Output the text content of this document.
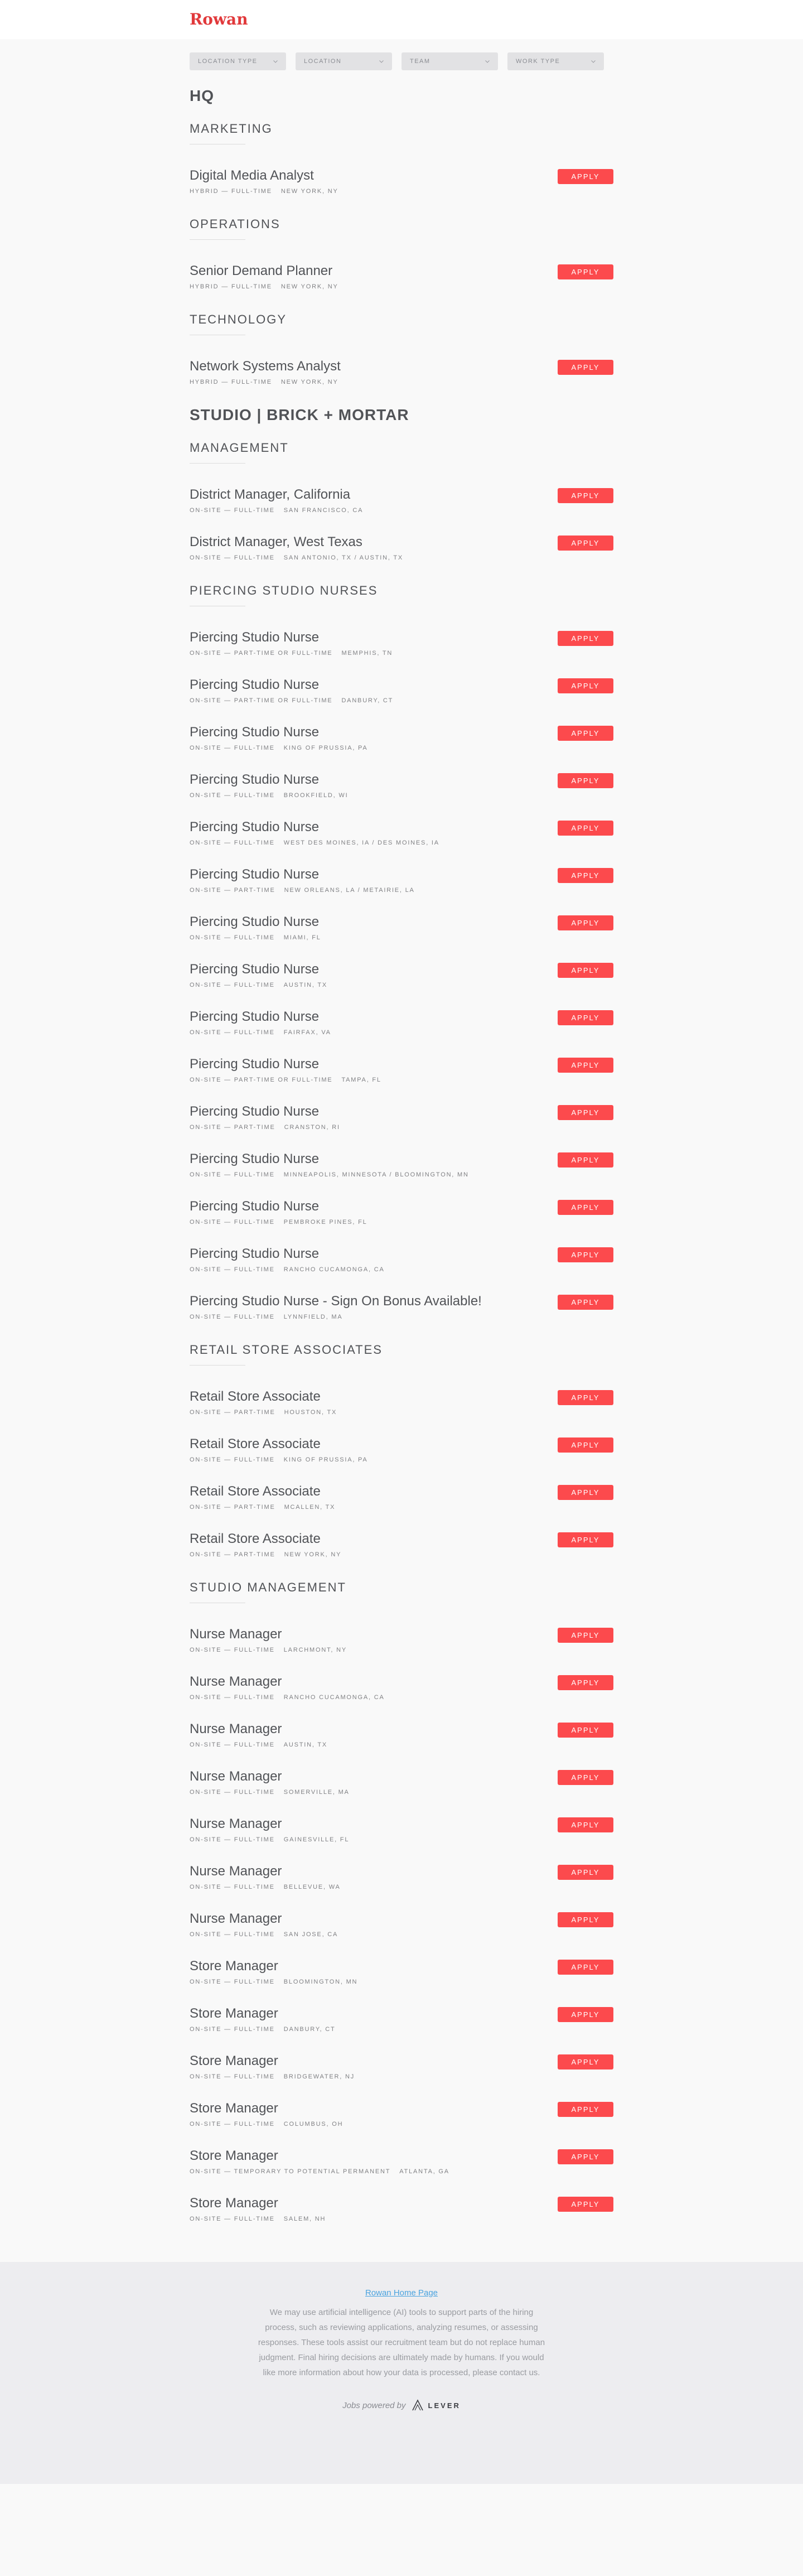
Rowan
LOCATION TYPE	LOCATION	TEAM	WORK TYPE
HQ
MARKETING
Digital Media Analyst
HYBRID — FULL-TIME NEW YORK, NY
APPLY
OPERATIONS
Senior Demand Planner
HYBRID — FULL-TIME NEW YORK, NY
APPLY
TECHNOLOGY
Network Systems Analyst
HYBRID — FULL-TIME NEW YORK, NY
APPLY
STUDIO | BRICK + MORTAR
MANAGEMENT
District Manager, California
ON-SITE — FULL-TIME SAN FRANCISCO, CA
APPLY
District Manager, West Texas
ON-SITE — FULL-TIME SAN ANTONIO, TX / AUSTIN, TX
APPLY
PIERCING STUDIO NURSES
Piercing Studio Nurse
ON-SITE — PART-TIME OR FULL-TIME MEMPHIS, TN
APPLY
Piercing Studio Nurse
ON-SITE — PART-TIME OR FULL-TIME DANBURY, CT
APPLY
Piercing Studio Nurse
ON-SITE — FULL-TIME KING OF PRUSSIA, PA
APPLY
Piercing Studio Nurse
ON-SITE — FULL-TIME BROOKFIELD, WI
APPLY
Piercing Studio Nurse
ON-SITE — FULL-TIME WEST DES MOINES, IA / DES MOINES, IA
APPLY
Piercing Studio Nurse
ON-SITE — PART-TIME NEW ORLEANS, LA / METAIRIE, LA
APPLY
Piercing Studio Nurse
ON-SITE — FULL-TIME MIAMI, FL
APPLY
Piercing Studio Nurse
ON-SITE — FULL-TIME AUSTIN, TX
APPLY
Piercing Studio Nurse
ON-SITE — FULL-TIME FAIRFAX, VA
APPLY
Piercing Studio Nurse
ON-SITE — PART-TIME OR FULL-TIME TAMPA, FL
APPLY
Piercing Studio Nurse
ON-SITE — PART-TIME CRANSTON, RI
APPLY
Piercing Studio Nurse
ON-SITE — FULL-TIME MINNEAPOLIS, MINNESOTA / BLOOMINGTON, MN
APPLY
Piercing Studio Nurse
ON-SITE — FULL-TIME PEMBROKE PINES, FL
APPLY
Piercing Studio Nurse
ON-SITE — FULL-TIME RANCHO CUCAMONGA, CA
APPLY
Piercing Studio Nurse - Sign On Bonus Available!
ON-SITE — FULL-TIME LYNNFIELD, MA
APPLY
RETAIL STORE ASSOCIATES
Retail Store Associate
ON-SITE — PART-TIME HOUSTON, TX
APPLY
Retail Store Associate
ON-SITE — FULL-TIME KING OF PRUSSIA, PA
APPLY
Retail Store Associate
ON-SITE — PART-TIME MCALLEN, TX
APPLY
Retail Store Associate
ON-SITE — PART-TIME NEW YORK, NY
APPLY
STUDIO MANAGEMENT
Nurse Manager
ON-SITE — FULL-TIME LARCHMONT, NY
APPLY
Nurse Manager
ON-SITE — FULL-TIME RANCHO CUCAMONGA, CA
APPLY
Nurse Manager
ON-SITE — FULL-TIME AUSTIN, TX
APPLY
Nurse Manager
ON-SITE — FULL-TIME SOMERVILLE, MA
APPLY
Nurse Manager
ON-SITE — FULL-TIME GAINESVILLE, FL
APPLY
Nurse Manager
ON-SITE — FULL-TIME BELLEVUE, WA
APPLY
Nurse Manager
ON-SITE — FULL-TIME SAN JOSE, CA
APPLY
Store Manager
ON-SITE — FULL-TIME BLOOMINGTON, MN
APPLY
Store Manager
ON-SITE — FULL-TIME DANBURY, CT
APPLY
Store Manager
ON-SITE — FULL-TIME BRIDGEWATER, NJ
APPLY
Store Manager
ON-SITE — FULL-TIME COLUMBUS, OH
APPLY
Store Manager
ON-SITE — TEMPORARY TO POTENTIAL PERMANENT ATLANTA, GA
APPLY
Store Manager
ON-SITE — FULL-TIME SALEM, NH
APPLY
Rowan Home Page

We may use artificial intelligence (AI) tools to support parts of the hiring process, such as reviewing applications, analyzing resumes, or assessing responses. These tools assist our recruitment team but do not replace human judgment. Final hiring decisions are ultimately made by humans. If you would like more information about how your data is processed, please contact us.

Jobs powered by	LEVER
